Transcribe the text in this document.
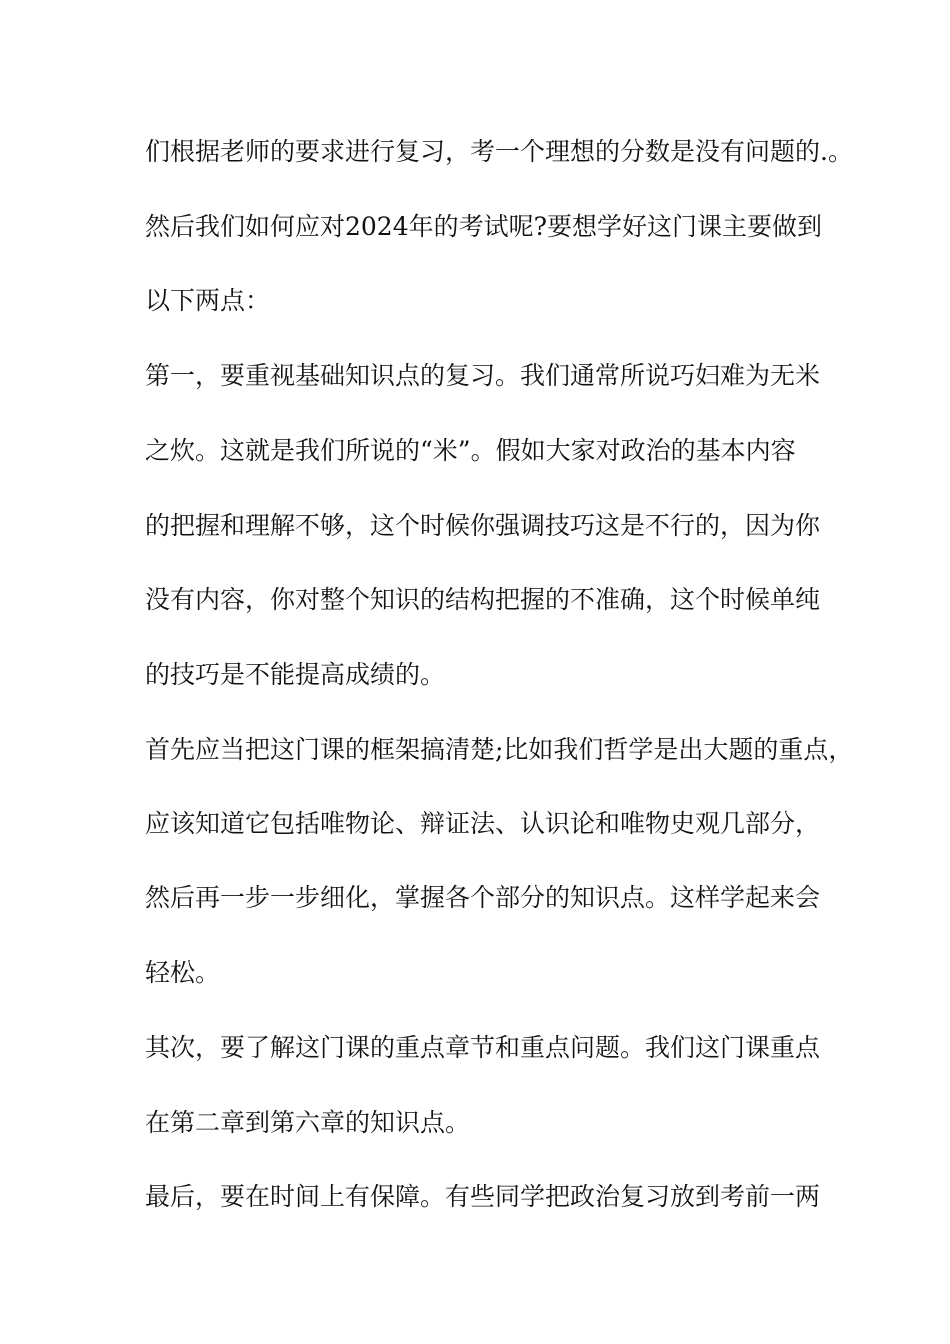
们根据老师的要求进行复习，考一个理想的分数是没有问题的.。
然后我们如何应对2024年的考试呢?要想学好这门课主要做到
以下两点：
第一，要重视基础知识点的复习。我们通常所说巧妇难为无米
之炊。这就是我们所说的“米”。假如大家对政治的基本内容
的把握和理解不够，这个时候你强调技巧这是不行的，因为你
没有内容，你对整个知识的结构把握的不准确，这个时候单纯
的技巧是不能提高成绩的。
首先应当把这门课的框架搞清楚;比如我们哲学是出大题的重点，
应该知道它包括唯物论、辩证法、认识论和唯物史观几部分，
然后再一步一步细化，掌握各个部分的知识点。这样学起来会
轻松。
其次，要了解这门课的重点章节和重点问题。我们这门课重点
在第二章到第六章的知识点。
最后，要在时间上有保障。有些同学把政治复习放到考前一两
